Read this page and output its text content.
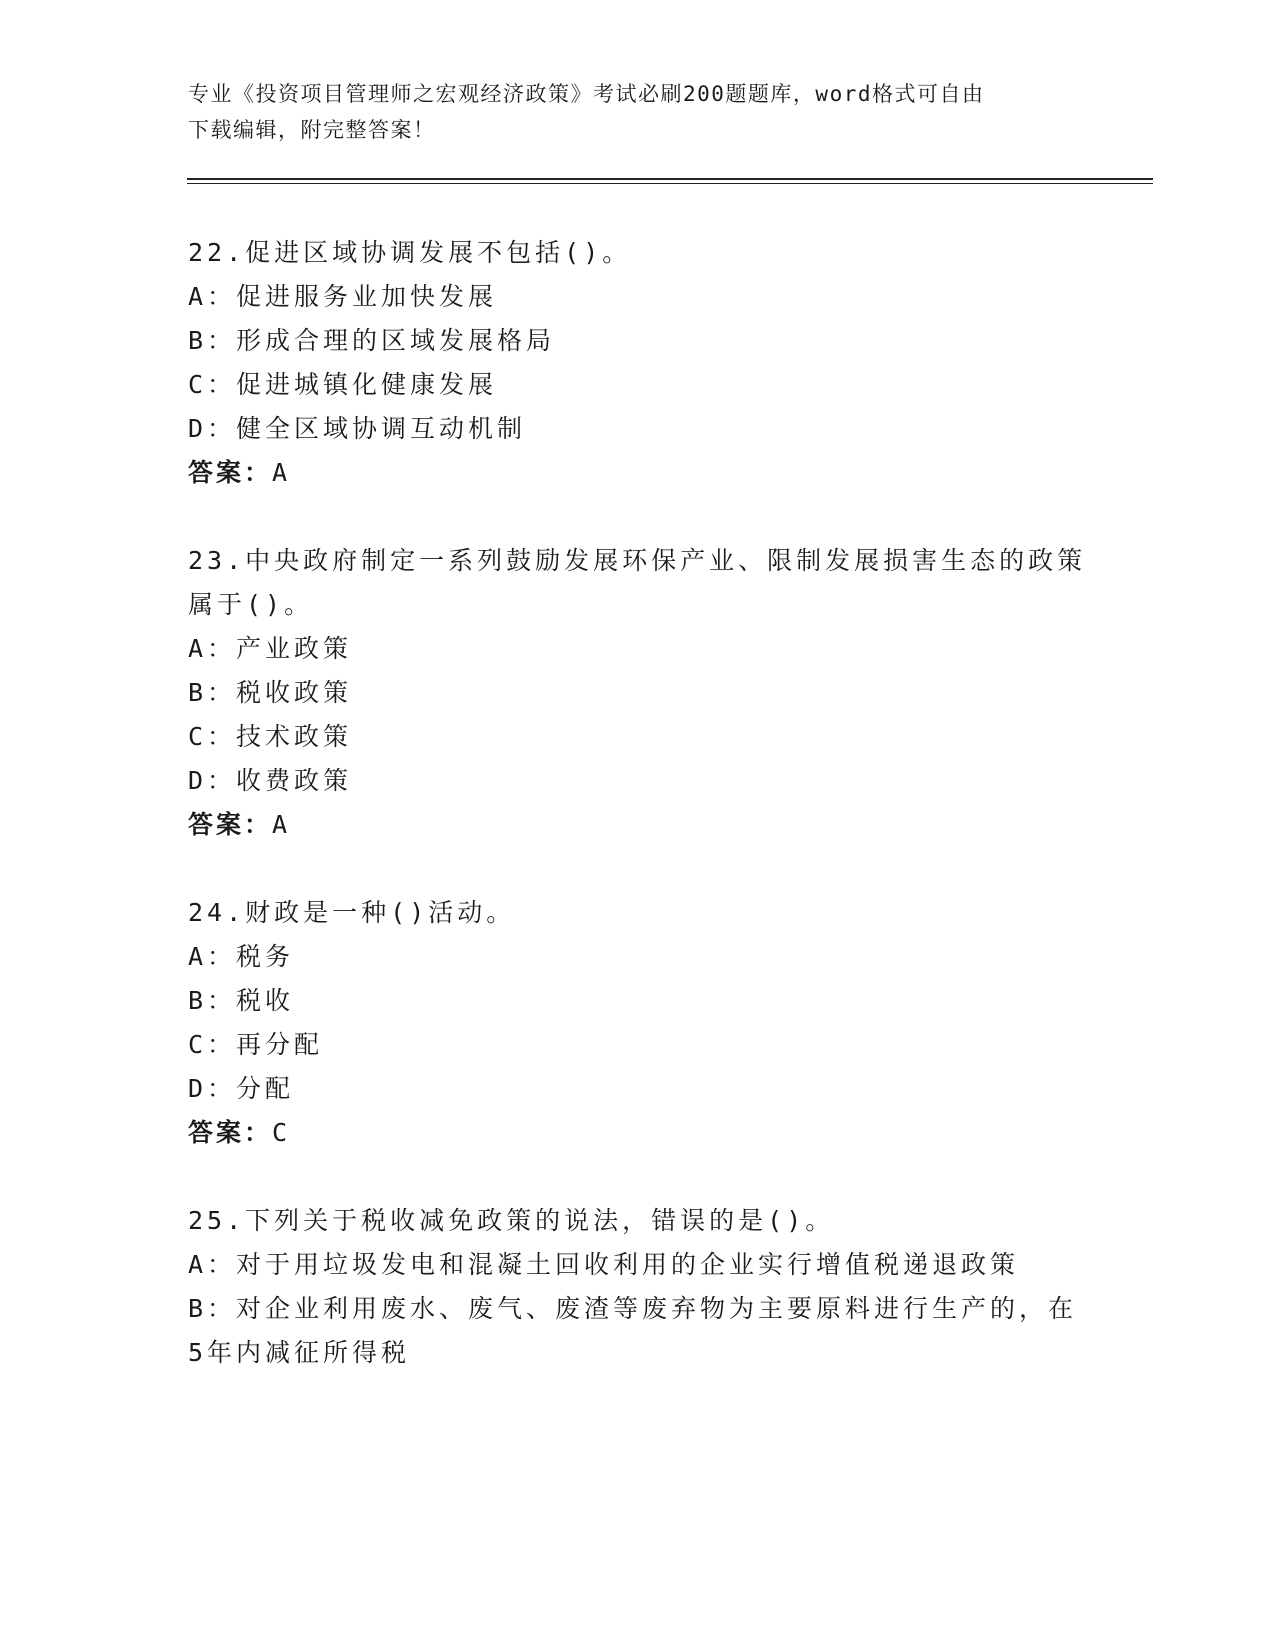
专业《投资项目管理师之宏观经济政策》考试必刷200题题库，word格式可自由
下载编辑，附完整答案！
22.促进区域协调发展不包括()。
A：促进服务业加快发展
B：形成合理的区域发展格局
C：促进城镇化健康发展
D：健全区域协调互动机制
答案：A
23.中央政府制定一系列鼓励发展环保产业、限制发展损害生态的政策
属于()。
A：产业政策
B：税收政策
C：技术政策
D：收费政策
答案：A
24.财政是一种()活动。
A：税务
B：税收
C：再分配
D：分配
答案：C
25.下列关于税收减免政策的说法，错误的是()。
A：对于用垃圾发电和混凝土回收利用的企业实行增值税递退政策
B：对企业利用废水、废气、废渣等废弃物为主要原料进行生产的，在
5年内减征所得税
